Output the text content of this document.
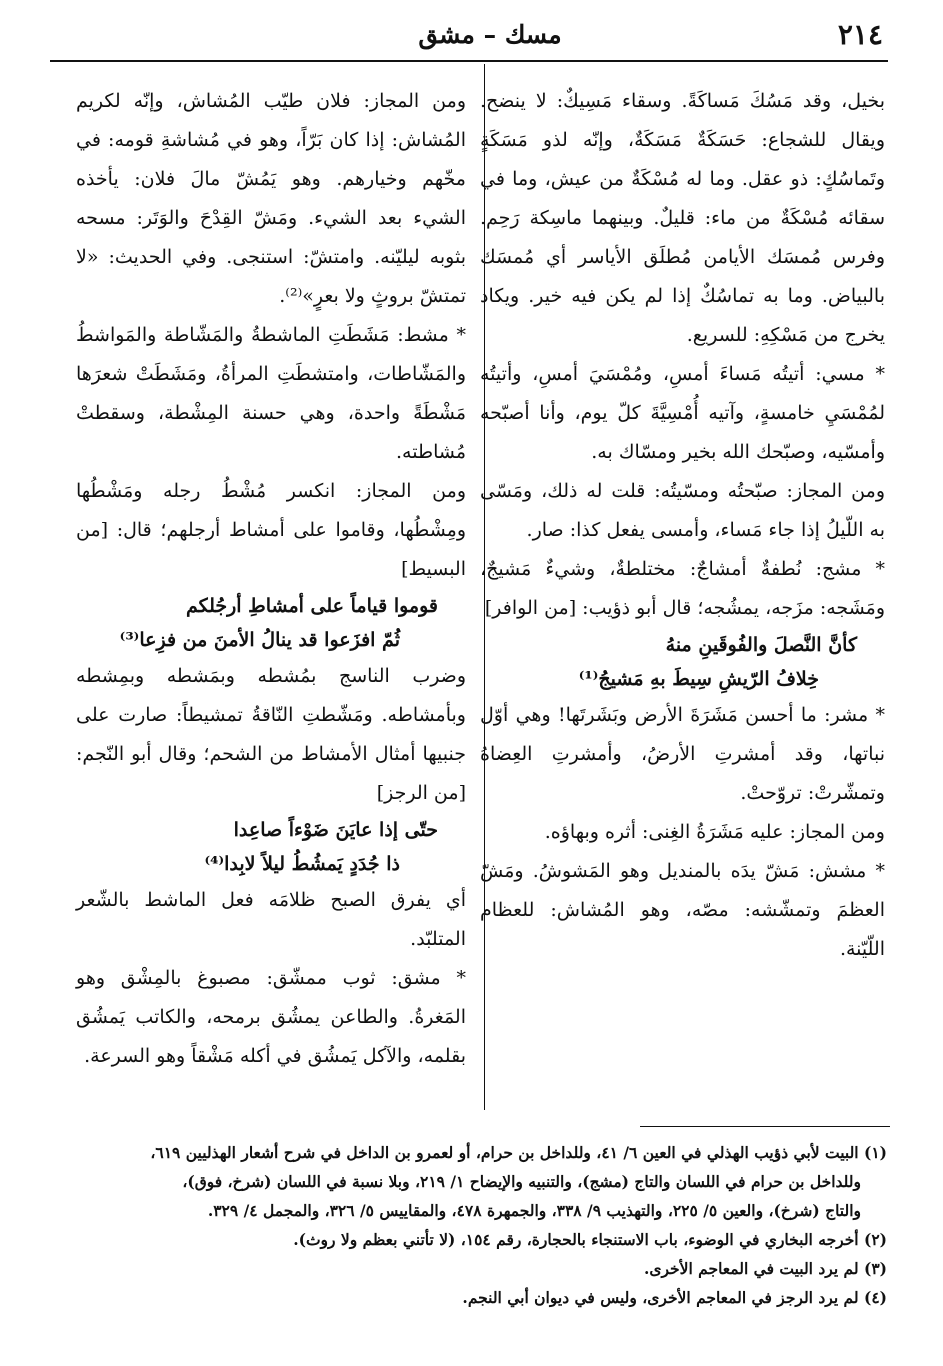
٢١٤
مسك – مشق

بخيل، وقد مَسُكَ مَساكَةً. وسقاء مَسِيكٌ: لا ينضح. ويقال للشجاع: حَسَكَةٌ مَسَكَةٌ، وإنّه لذو مَسَكَةٍ وتَماسُكٍ: ذو عقل. وما له مُسْكَةٌ من عيش، وما في سقائه مُسْكَةٌ من ماء: قليلٌ. وبينهما ماسِكة رَحِم. وفرس مُمسَك الأيامن مُطلَق الأياسر أي مُمسَك بالبياض. وما به تماسُكٌ إذا لم يكن فيه خير. ويكاد يخرج من مَسْكِهِ: للسريع.

* مسي: أتيتُه مَساءَ أمسِ، ومُمْسَيَ أمسِ، وأتيتُه لمُمْسَيِ خامسةٍ، وآتيه أُمْسِيَّةَ كلّ يوم، وأنا أصبّحه وأمسّيه، وصبّحك الله بخير ومسّاك به.

ومن المجاز: صبّحتُه ومسّيتُه: قلت له ذلك، ومَسّى به اللّيلُ إذا جاء مَساء، وأمسى يفعل كذا: صار.

* مشج: نُطفةٌ أمشاجٌ: مختلطةٌ، وشيءٌ مَشيجٌ، ومَشَجه: مزَجه، يمشُجه؛ قال أبو ذؤيب: [من الوافر]

كأنَّ النَّصلَ والفُوقَينِ منهُ

خِلافُ الرّيشِ سِيطَ بهِ مَشيجُ⁽¹⁾

* مشر: ما أحسن مَشَرَةَ الأرض وبَشَرتَها! وهي أوّل نباتها، وقد أمشرتِ الأرضُ، وأمشرتِ العِضاهُ وتمشّرتْ: تروّحتْ.

ومن المجاز: عليه مَشَرَةُ الغِنى: أثره وبهاؤه.

* مشش: مَشّ يدَه بالمنديل وهو المَشوشُ. ومَشّ العظمَ وتمشّشه: مصّه، وهو المُشاش: للعظام اللّيّنة.

ومن المجاز: فلان طيّب المُشاش، وإنّه لكريم المُشاش: إذا كان بَرّاً، وهو في مُشاشةِ قومه: في مخّهم وخيارهم. وهو يَمُشّ مالَ فلان: يأخذه الشيء بعد الشيء. ومَشّ القِدْحَ والوَتَر: مسحه بثوبه ليليّنه. وامتشّ: استنجى. وفي الحديث: «لا تمتشّ بروثٍ ولا بعرٍ»⁽²⁾.

* مشط: مَشَطَتِ الماشطةُ والمَشّاطة والمَواشطُ والمَشّاطات، وامتشطَتِ المرأةُ، ومَشَطَتْ شعرَها مَشْطَةً واحدة، وهي حسنة المِشْطة، وسقطتْ مُشاطته.

ومن المجاز: انكسر مُشْطُ رجله ومَشْطُها ومِشْطُها، وقاموا على أمشاط أرجلهم؛ قال: [من البسيط]

قوموا قياماً على أمشاطِ أرجُلكم

ثُمّ افزَعوا قد ينالُ الأمنَ من فزِعا⁽³⁾

وضرب الناسج بمُشطه وبمَشطه وبمِشطه وبأمشاطه. ومَشّطتِ النّاقةُ تمشيطاً: صارت على جنبيها أمثال الأمشاط من الشحم؛ وقال أبو النّجم: [من الرجز]

حتّى إذا عايَنَ ضَوْءاً صاعِدا

ذا جُدَدٍ يَمشُطُ ليلاً لابِدا⁽⁴⁾

أي يفرق الصبح ظلامَه فعل الماشط بالشّعر المتلبّد.

* مشق: ثوب ممشّق: مصبوغ بالمِشْق وهو المَغرةُ. والطاعن يمشُق برمحه، والكاتب يَمشُق بقلمه، والآكل يَمشُق في أكله مَشْقاً وهو السرعة.

(١) البيت لأبي ذؤيب الهذلي في العين ٦/ ٤١، وللداخل بن حرام، أو لعمرو بن الداخل في شرح أشعار الهذليين ٦١٩،

وللداخل بن حرام في اللسان والتاج (مشج)، والتنبيه والإيضاح ١/ ٢١٩، وبلا نسبة في اللسان (شرخ، فوق)،

والتاج (شرخ)، والعين ٥/ ٢٢٥، والتهذيب ٩/ ٣٣٨، والجمهرة ٤٧٨، والمقاييس ٥/ ٣٢٦، والمجمل ٤/ ٣٢٩.

(٢) أخرجه البخاري في الوضوء، باب الاستنجاء بالحجارة، رقم ١٥٤، (لا تأتني بعظم ولا روث).

(٣) لم يرد البيت في المعاجم الأخرى.

(٤) لم يرد الرجز في المعاجم الأخرى، وليس في ديوان أبي النجم.
